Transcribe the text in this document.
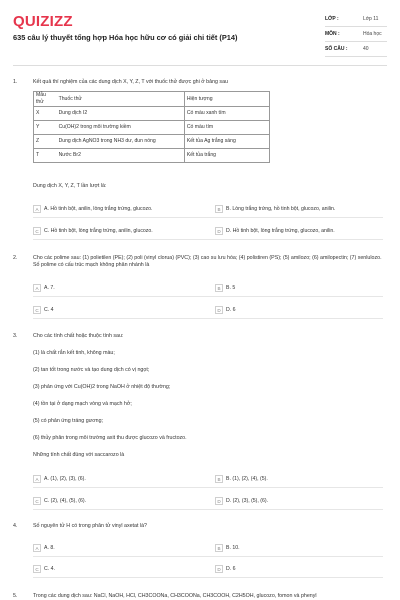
QUIZIZZ
635 câu lý thuyết tổng hợp Hóa học hữu cơ có giải chi tiết (P14)
LỚP :	Lớp 11
MÔN :	Hóa học
SỐ CÂU :	40
1.	Kết quả thí nghiệm của các dung dịch X, Y, Z, T với thuốc thử được ghi ở bảng sau
Mẫu thử	Thuốc thử	Hiện tượng
X	Dung dịch I2	Có màu xanh tím
Y	Cu(OH)2 trong môi trường kiềm	Có màu tím
Z	Dung dịch AgNO3 trong NH3 dư, đun nóng	Kết tủa Ag trắng sáng
T	Nước Br2	Kết tủa trắng
Dung dịch X, Y, Z, T lần lượt là:
A	A. Hồ tinh bột, anilin, lòng trắng trứng, glucozo.	B	B. Lòng trắng trứng, hồ tinh bột, glucozo, anilin.
C	C. Hồ tinh bột, lòng trắng trứng, anilin, glucozo.	D	D. Hồ tinh bột, lòng trắng trứng, glucozo, anilin.
2.	Cho các polime sau: (1) polietilen (PE); (2) poli (vinyl clorua) (PVC); (3) cao su lưu hóa; (4) polistiren (PS); (5) amilozo; (6) amilopectin; (7) xenlulozo. Số polime có cấu trúc mạch không phân nhánh là
A	A. 7.	B	B. 5
C	C. 4	D	D. 6
3.	Cho các tính chất hoặc thuộc tính sau:
(1) là chất rắn kết tinh, không màu;
(2) tan tốt trong nước và tạo dung dịch có vị ngọt;
(3) phản ứng với Cu(OH)2 trong NaOH ở nhiệt độ thường;
(4) tồn tại ở dạng mạch vòng và mạch hở;
(5) có phản ứng tráng gương;
(6) thủy phân trong môi trường axit thu được glucozo và fructozo.
Những tính chất đúng với saccarozo là
A	A. (1), (2), (3), (6).	B	B. (1), (2), (4), (5).
C	C. (2), (4), (5), (6).	D	D. (2), (3), (5), (6).
4.	Số nguyên tử H có trong phân tử vinyl axetat là?
A	A. 8.	B	B. 10.
C	C. 4.	D	D. 6
5.	Trong các dung dịch sau: NaCl, NaOH, HCl, CH3COONa, CH3COONa, CH3COOH, C2H5OH, glucozo, fomon và phenyl
